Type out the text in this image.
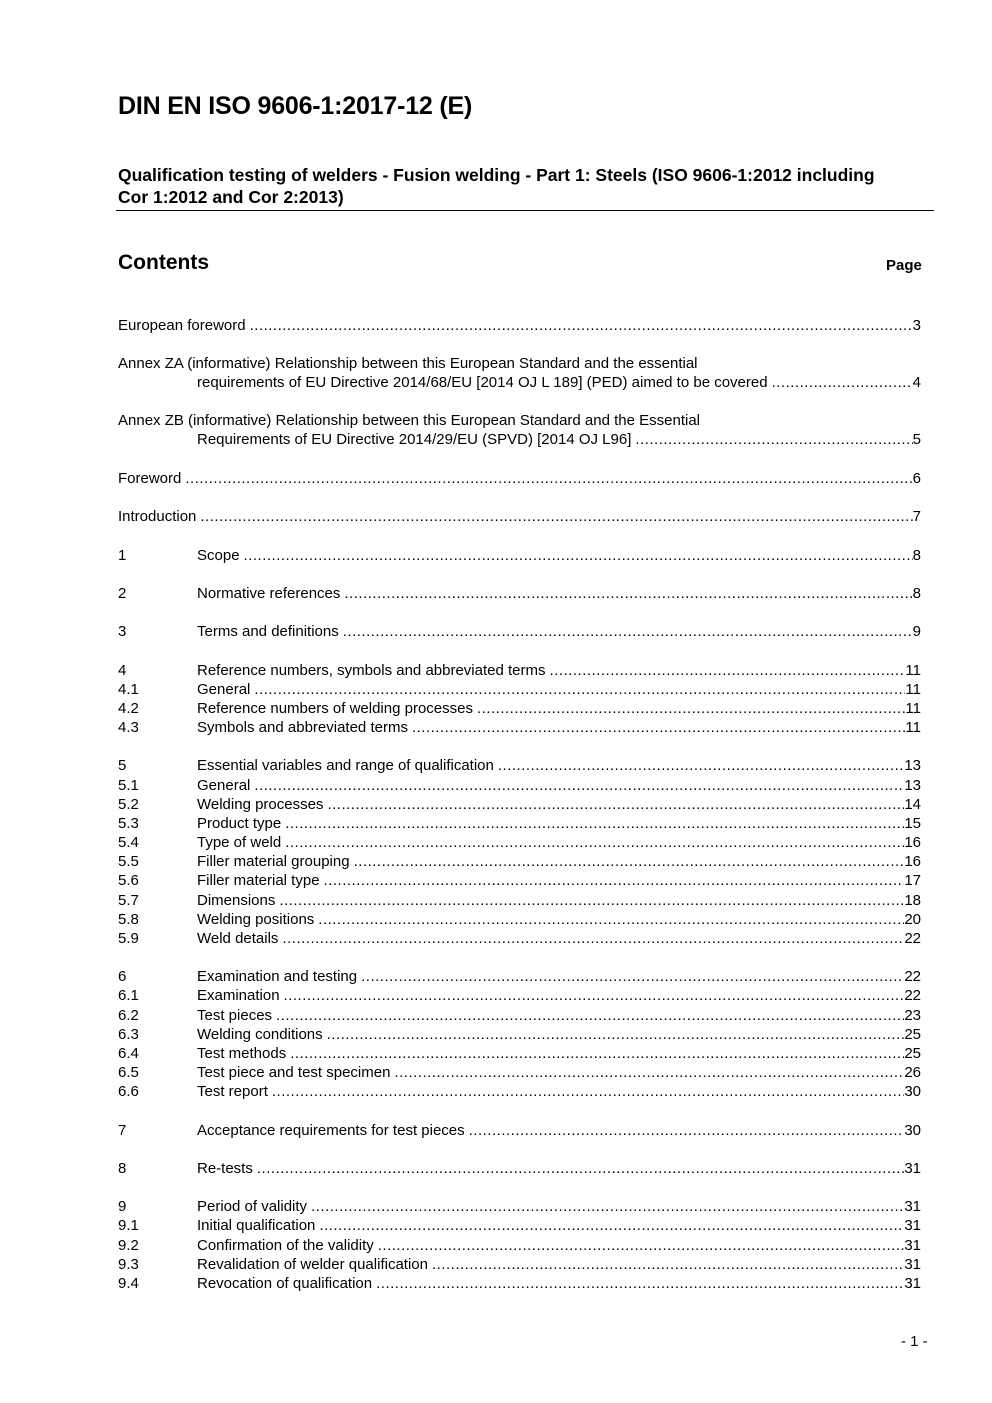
DIN EN ISO 9606-1:2017-12 (E)

Qualification testing of welders - Fusion welding - Part 1: Steels (ISO 9606-1:2012 including Cor 1:2012 and Cor 2:2013)

Contents	Page
European foreword .....	3
Annex ZA (informative) Relationship between this European Standard and the essential
requirements of EU Directive 2014/68/EU [2014 OJ L 189] (PED) aimed to be covered .....	4
Annex ZB (informative) Relationship between this European Standard and the Essential
Requirements of EU Directive 2014/29/EU (SPVD) [2014 OJ L96] .....	5
Foreword .....	6
Introduction .....	7
1	Scope .....	8
2	Normative references .....	8
3	Terms and definitions .....	9
4	Reference numbers, symbols and abbreviated terms .....	11
4.1	General .....	11
4.2	Reference numbers of welding processes .....	11
4.3	Symbols and abbreviated terms .....	11
5	Essential variables and range of qualification .....	13
5.1	General .....	13
5.2	Welding processes .....	14
5.3	Product type .....	15
5.4	Type of weld .....	16
5.5	Filler material grouping .....	16
5.6	Filler material type .....	17
5.7	Dimensions .....	18
5.8	Welding positions .....	20
5.9	Weld details .....	22
6	Examination and testing .....	22
6.1	Examination .....	22
6.2	Test pieces .....	23
6.3	Welding conditions .....	25
6.4	Test methods .....	25
6.5	Test piece and test specimen .....	26
6.6	Test report .....	30
7	Acceptance requirements for test pieces .....	30
8	Re-tests .....	31
9	Period of validity .....	31
9.1	Initial qualification .....	31
9.2	Confirmation of the validity .....	31
9.3	Revalidation of welder qualification .....	31
9.4	Revocation of qualification .....	31
- 1 -
